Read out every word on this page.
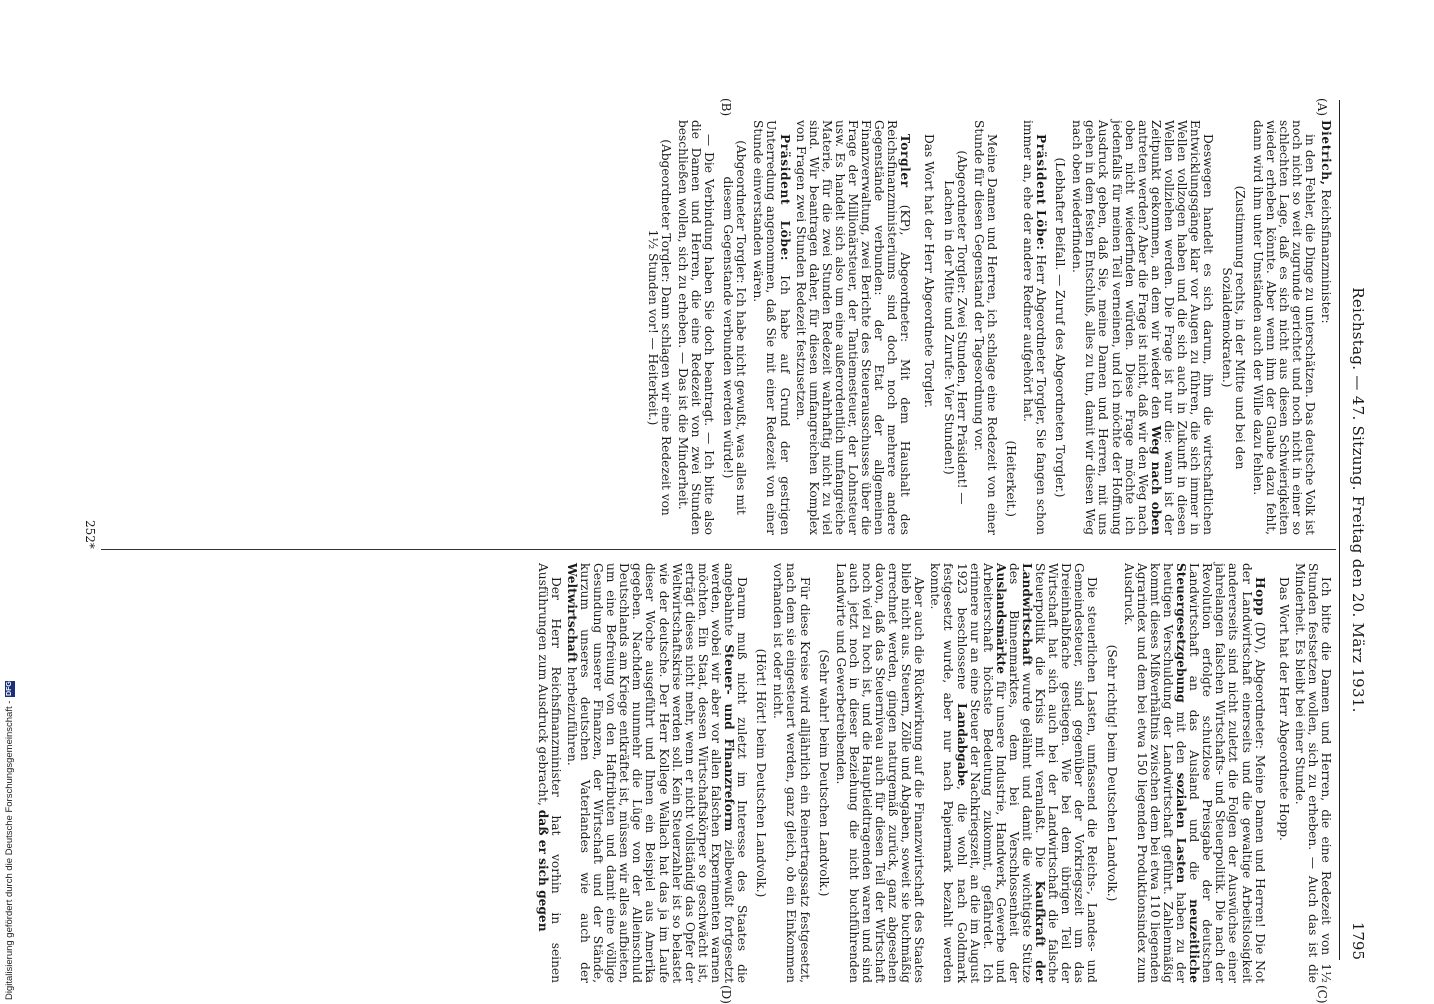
Reichstag. — 47. Sitzung. Freitag den 20. März 1931.
1795
(A)
(B)
(C)
(D)

Dietrich, Reichsfinanzminister:

in den Fehler, die Dinge zu unterschätzen. Das deutsche Volk ist noch nicht so weit zugrunde gerichtet und noch nicht in einer so schlechten Lage, daß es sich nicht aus diesen Schwierigkeiten wieder erheben könnte. Aber wenn ihm der Glaube dazu fehlt, dann wird ihm unter Umständen auch der Wille dazu fehlen.

(Zustimmung rechts, in der Mitte und bei den Sozialdemokraten.)

Deswegen handelt es sich darum, ihm die wirtschaftlichen Entwicklungsgänge klar vor Augen zu führen, die sich immer in Wellen vollzogen haben und die sich auch in Zukunft in diesen Wellen vollziehen werden. Die Frage ist nur die: wann ist der Zeitpunkt gekommen, an dem wir wieder den Weg nach oben antreten werden? Aber die Frage ist nicht, daß wir den Weg nach oben nicht wiederfinden würden. Diese Frage möchte ich jedenfalls für meinen Teil verneinen, und ich möchte der Hoffnung Ausdruck geben, daß Sie, meine Damen und Herren, mit uns gehen in dem festen Entschluß, alles zu tun, damit wir diesen Weg nach oben wiederfinden.

(Lebhafter Beifall. — Zuruf des Abgeordneten Torgler.)

Präsident Löbe: Herr Abgeordneter Torgler, Sie fangen schon immer an, ehe der andere Redner aufgehört hat.

(Heiterkeit.)

Meine Damen und Herren, ich schlage eine Redezeit von einer Stunde für diesen Gegenstand der Tagesordnung vor.

(Abgeordneter Torgler: Zwei Stunden, Herr Präsident! — Lachen in der Mitte und Zurufe: Vier Stunden!)

Das Wort hat der Herr Abgeordnete Torgler.

Torgler (KP), Abgeordneter: Mit dem Haushalt des Reichsfinanzministeriums sind doch noch mehrere andere Gegenstände verbunden: der Etat der allgemeinen Finanzverwaltung, zwei Berichte des Steuerausschusses über die Frage der Millionärsteuer, der Tantiemesteuer, der Lohnsteuer usw. Es handelt sich also um eine außerordentlich umfangreiche Materie, für die zwei Stunden Redezeit wahrhaftig nicht zu viel sind. Wir beantragen daher, für diesen umfangreichen Komplex von Fragen zwei Stunden Redezeit festzusetzen.

Präsident Löbe: Ich habe auf Grund der gestrigen Unterredung angenommen, daß Sie mit einer Redezeit von einer Stunde einverstanden wären.

(Abgeordneter Torgler: Ich habe nicht gewußt, was alles mit diesem Gegenstande verbunden werden würde!)

— Die Verbindung haben Sie doch beantragt. — Ich bitte also die Damen und Herren, die eine Redezeit von zwei Stunden beschließen wollen, sich zu erheben. — Das ist die Minderheit.

(Abgeordneter Torgler: Dann schlagen wir eine Redezeit von 1½ Stunden vor! — Heiterkeit.)

Ich bitte die Damen und Herren, die eine Redezeit von 1½ Stunden festsetzen wollen, sich zu erheben. — Auch das ist die Minderheit. Es bleibt bei einer Stunde.

Das Wort hat der Herr Abgeordnete Hopp.

Hopp (DV), Abgeordneter: Meine Damen und Herren! Die Not der Landwirtschaft einerseits und die gewaltige Arbeitslosigkeit andererseits sind nicht zuletzt die Folgen der Auswüchse einer jahrelangen falschen Wirtschafts- und Steuerpolitik. Die nach der Revolution erfolgte schutzlose Preisgabe der deutschen Landwirtschaft an das Ausland und die neuzeitliche Steuergesetzgebung mit den sozialen Lasten haben zu der heutigen Verschuldung der Landwirtschaft geführt. Zahlenmäßig kommt dieses Mißverhältnis zwischen dem bei etwa 110 liegenden Agrarindex und dem bei etwa 150 liegenden Produktionsindex zum Ausdruck.

(Sehr richtig! beim Deutschen Landvolk.)

Die steuerlichen Lasten, umfassend die Reichs-, Landes- und Gemeindesteuer, sind gegenüber der Vorkriegszeit um das Dreieinhalbfache gestiegen. Wie bei dem übrigen Teil der Wirtschaft hat sich auch bei der Landwirtschaft die falsche Steuerpolitik die Krisis mit veranlaßt. Die Kaufkraft der Landwirtschaft wurde gelähmt und damit die wichtigste Stütze des Binnenmarktes, dem bei Verschlossenheit der Auslandsmärkte für unsere Industrie, Handwerk, Gewerbe und Arbeiterschaft höchste Bedeutung zukommt, gefährdet. Ich erinnere nur an eine Steuer der Nachkriegszeit, an die im August 1923 beschlossene Landabgabe, die wohl nach Goldmark festgesetzt wurde, aber nur nach Papiermark bezahlt werden konnte.

Aber auch die Rückwirkung auf die Finanzwirtschaft des Staates blieb nicht aus. Steuern, Zölle und Abgaben, soweit sie buchmäßig errechnet werden, gingen naturgemäß zurück, ganz abgesehen davon, daß das Steuerniveau auch für diesen Teil der Wirtschaft noch viel zu hoch ist, und die Hauptleidtragenden waren und sind auch jetzt noch in dieser Beziehung die nicht buchführenden Landwirte und Gewerbetreibenden.

(Sehr wahr! beim Deutschen Landvolk.)

Für diese Kreise wird alljährlich ein Reinertragssatz festgesetzt, nach dem sie eingesteuert werden, ganz gleich, ob ein Einkommen vorhanden ist oder nicht.

(Hört! Hört! beim Deutschen Landvolk.)

Darum muß nicht zuletzt im Interesse des Staates die angebahnte Steuer- und Finanzreform zielbewußt fortgesetzt werden, wobei wir aber vor allen falschen Experimenten warnen möchten. Ein Staat, dessen Wirtschaftskörper so geschwächt ist, erträgt dieses nicht mehr, wenn er nicht vollständig das Opfer der Weltwirtschaftskrise werden soll. Kein Steuerzahler ist so belastet wie der deutsche. Der Herr Kollege Wallach hat das ja im Laufe dieser Woche ausgeführt und Ihnen ein Beispiel aus Amerika gegeben. Nachdem nunmehr die Lüge von der Alleinschuld Deutschlands am Kriege entkräftet ist, müssen wir alles aufbieten, um eine Befreiung von den Haftributen und damit eine völlige Gesundung unserer Finanzen, der Wirtschaft und der Stände, kurzum unseres deutschen Vaterlandes wie auch der Weltwirtschaft herbeizuführen.

Der Herr Reichsfinanzminister hat vorhin in seinen Ausführungen zum Ausdruck gebracht, daß er sich gegen

252*
Digitalisierung gefördert durch die Deutsche Forschungsgemeinschaft -
DFG
